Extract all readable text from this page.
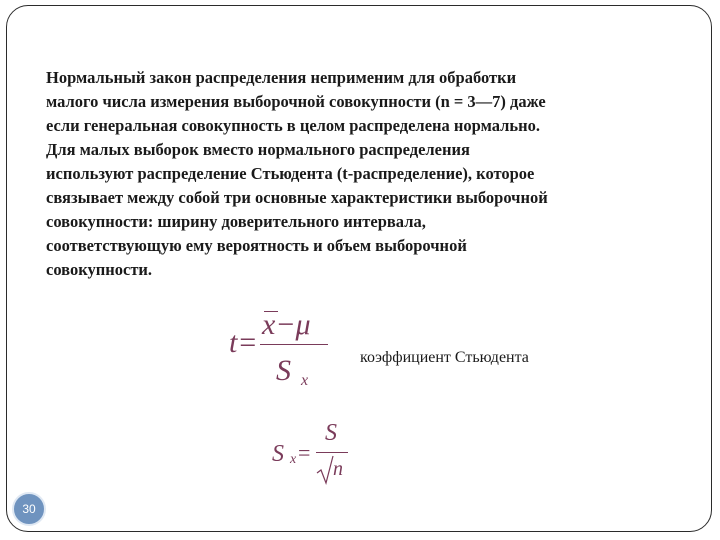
Нормальный закон распределения неприменим для обработки
малого числа измерения выборочной совокупности (n = 3—7) даже
если генеральная совокупность в целом распределена нормально.
Для малых выборок вместо нормального распределения
используют распределение Стьюдента (t-распределение), которое
связывает между собой три основные характеристики выборочной
совокупности: ширину доверительного интервала,
соответствующую ему вероятность и объем выборочной
совокупности.
t=
x−μ
S x
коэффициент Стьюдента
S x =
S
n
30
